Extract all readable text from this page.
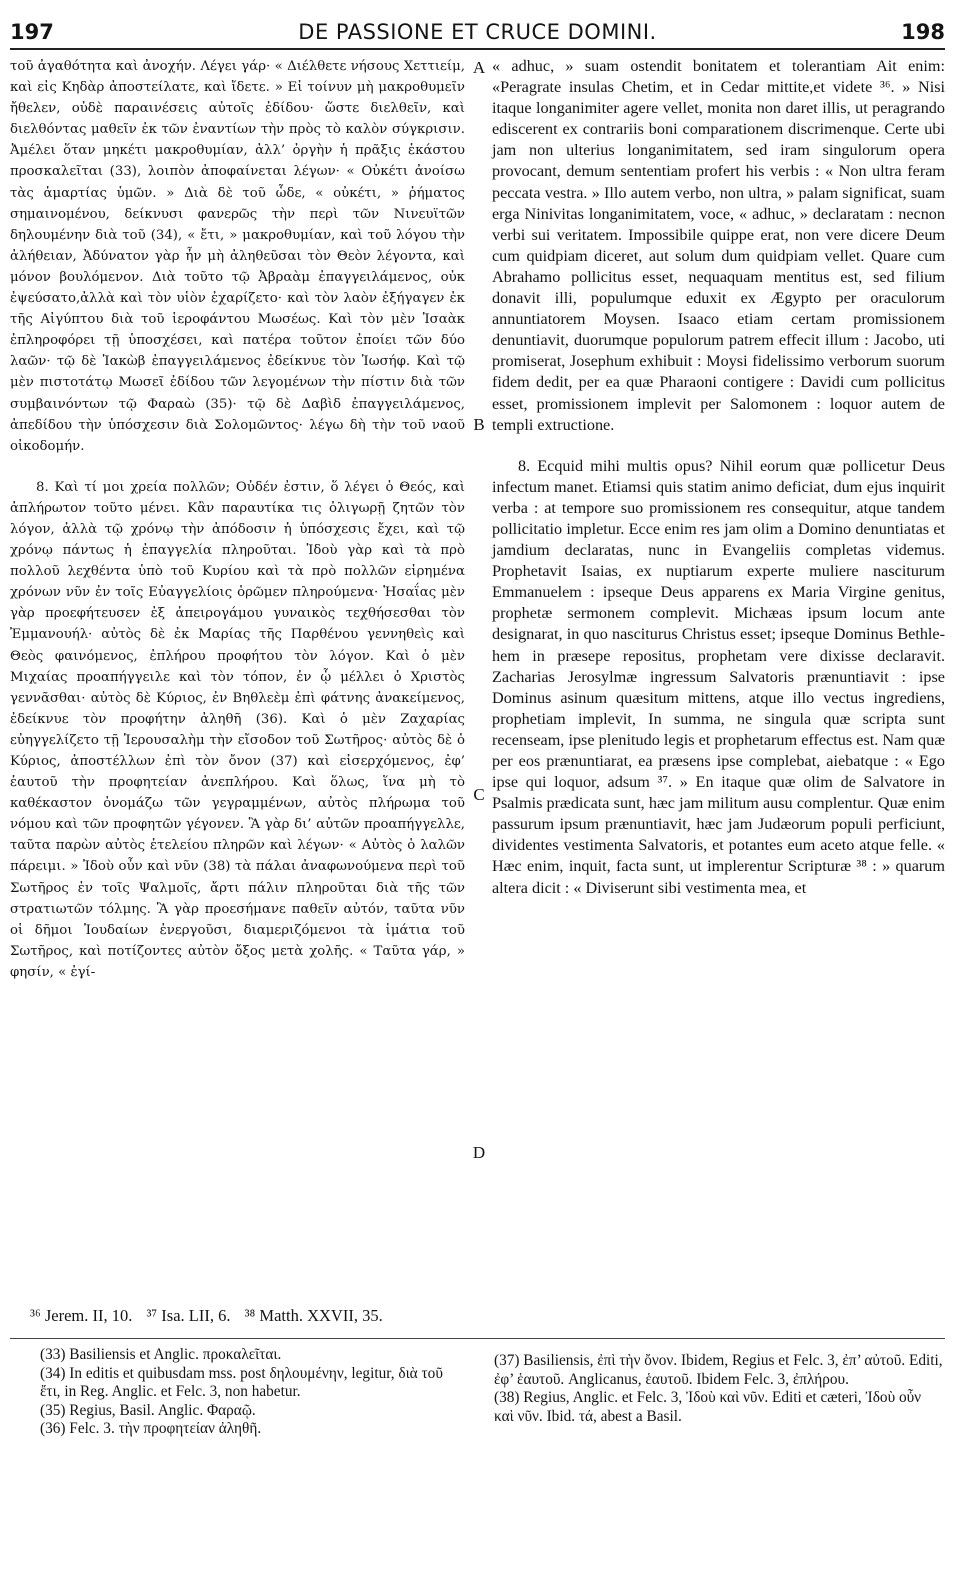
197	DE PASSIONE ET CRUCE DOMINI.	198

τοῦ ἀγαθότητα καὶ ἀνοχήν. Λέγει γάρ· « Διέλθετε νήσους Χεττιείμ, καὶ εἰς Κηδὰρ ἀποστείλατε, καὶ ἴδετε. » Εἰ τοίνυν μὴ μακροθυμεῖν ἤθελεν, οὐδὲ παραινέσεις αὐτοῖς ἐδίδου· ὥστε διελθεῖν, καὶ διελθόντας μαθεῖν ἐκ τῶν ἐναντίων τὴν πρὸς τὸ καλὸν σύγκρισιν. Ἀμέλει ὅταν μηκέτι μακροθυμίαν, ἀλλ’ ὀργὴν ἡ πρᾶξις ἑκάστου προσκαλεῖται (33), λοιπὸν ἀποφαίνεται λέγων· « Οὐκέτι ἀνοίσω τὰς ἁμαρτίας ὑμῶν. » Διὰ δὲ τοῦ ὧδε, « οὐκέτι, » ῥήματος σημαινομένου, δείκνυσι φανερῶς τὴν περὶ τῶν Νινευϊτῶν δηλουμένην διὰ τοῦ (34), « ἔτι, » μακροθυμίαν, καὶ τοῦ λόγου τὴν ἀλήθειαν, Ἀδύνατον γὰρ ἦν μὴ ἀληθεῦσαι τὸν Θεὸν λέγοντα, καὶ μόνον βουλόμενον. Διὰ τοῦτο τῷ Ἀβραὰμ ἐπαγγειλάμενος, οὐκ ἐψεύσατο,ἀλλὰ καὶ τὸν υἱὸν ἐχαρίζετο· καὶ τὸν λαὸν ἐξήγαγεν ἐκ τῆς Αἰγύπτου διὰ τοῦ ἱεροφάντου Μωσέως. Καὶ τὸν μὲν Ἰσαὰκ ἐπληροφόρει τῇ ὑποσχέσει, καὶ πατέρα τοῦτον ἐποίει τῶν δύο λαῶν· τῷ δὲ Ἰακὼβ ἐπαγγειλάμενος ἐδείκνυε τὸν Ἰωσήφ. Καὶ τῷ μὲν πιστοτάτῳ Μωσεῖ ἐδίδου τῶν λεγομένων τὴν πίστιν διὰ τῶν συμβαινόντων τῷ Φαραὼ (35)· τῷ δὲ Δαβὶδ ἐπαγγειλάμενος, ἀπεδίδου τὴν ὑπόσχεσιν διὰ Σολομῶντος· λέγω δὴ τὴν τοῦ ναοῦ οἰκοδομήν.

8. Καὶ τί μοι χρεία πολλῶν; Οὐδέν ἐστιν, ὅ λέγει ὁ Θεός, καὶ ἀπλήρωτον τοῦτο μένει. Κἂν παραυτίκα τις ὀλιγωρῇ ζητῶν τὸν λόγον, ἀλλὰ τῷ χρόνῳ τὴν ἀπόδοσιν ἡ ὑπόσχεσις ἔχει, καὶ τῷ χρόνῳ πάντως ἡ ἐπαγγελία πληροῦται. Ἰδοὺ γὰρ καὶ τὰ πρὸ πολλοῦ λεχθέντα ὑπὸ τοῦ Κυρίου καὶ τὰ πρὸ πολλῶν εἰρημένα χρόνων νῦν ἐν τοῖς Εὐαγγελίοις ὁρῶμεν πληρούμενα· Ἡσαΐας μὲν γὰρ προεφήτευσεν ἐξ ἀπειρογάμου γυναικὸς τεχθήσεσθαι τὸν Ἐμμανουήλ· αὐτὸς δὲ ἐκ Μαρίας τῆς Παρθένου γεννηθεὶς καὶ Θεὸς φαινόμενος, ἐπλήρου προφήτου τὸν λόγον. Καὶ ὁ μὲν Μιχαίας προαπήγγειλε καὶ τὸν τόπον, ἐν ᾧ μέλλει ὁ Χριστὸς γεννᾶσθαι· αὐτὸς δὲ Κύριος, ἐν Βηθλεὲμ ἐπὶ φάτνης ἀνακείμενος, ἐδείκνυε τὸν προφήτην ἀληθῆ (36). Καὶ ὁ μὲν Ζαχαρίας εὐηγγελίζετο τῇ Ἱερουσαλὴμ τὴν εἴσοδον τοῦ Σωτῆρος· αὐτὸς δὲ ὁ Κύριος, ἀποστέλλων ἐπὶ τὸν ὄνον (37) καὶ εἰσερχόμενος, ἐφ’ ἑαυτοῦ τὴν προφητείαν ἀνεπλήρου. Καὶ ὅλως, ἵνα μὴ τὸ καθέκαστον ὀνομάζω τῶν γεγραμμένων, αὐτὸς πλήρωμα τοῦ νόμου καὶ τῶν προφητῶν γέγονεν. Ἃ γὰρ δι’ αὐτῶν προαπήγγελλε, ταῦτα παρὼν αὐτὸς ἐτελείου πληρῶν καὶ λέγων· « Αὐτὸς ὁ λαλῶν πάρειμι. » Ἰδοὺ οὖν καὶ νῦν (38) τὰ πάλαι ἀναφωνούμενα περὶ τοῦ Σωτῆρος ἐν τοῖς Ψαλμοῖς, ἄρτι πάλιν πληροῦται διὰ τῆς τῶν στρατιωτῶν τόλμης. Ἃ γὰρ προεσήμανε παθεῖν αὐτόν, ταῦτα νῦν οἱ δῆμοι Ἰουδαίων ἐνεργοῦσι, διαμεριζόμενοι τὰ ἱμάτια τοῦ Σωτῆρος, καὶ ποτίζοντες αὐτὸν ὄξος μετὰ χολῆς. « Ταῦτα γάρ, » φησίν, « ἐγί-

A
B
C
D

« adhuc, » suam ostendit bonitatem et tolerantiam Ait enim: «Peragrate insulas Chetim, et in Cedar mittite,et videte ³⁶. » Nisi itaque longanimiter agere vellet, monita non daret illis, ut peragrando ediscerent ex contrariis boni comparationem discrimenque. Certe ubi jam non ulterius longanimitatem, sed iram singulorum opera provocant, demum sententiam profert his verbis : « Non ultra feram peccata vestra. » Illo autem verbo, non ultra, » palam significat, suam erga Ninivitas longanimitatem, voce, « adhuc, » declaratam : necnon verbi sui veritatem. Impossibile quippe erat, non vere dicere Deum cum quidpiam diceret, aut solum dum quidpiam vellet. Quare cum Abrahamo pollicitus esset, nequaquam mentitus est, sed filium donavit illi, populumque eduxit ex Ægypto per oraculorum annuntiatorem Moysen. Isaaco etiam certam promissionem denuntiavit, duorumque populorum patrem effecit illum : Jacobo, uti promiserat, Josephum exhibuit : Moysi fidelissimo verborum suorum fidem dedit, per ea quæ Pharaoni contigere : Davidi cum pollicitus esset, promissionem implevit per Salomonem : loquor autem de templi extructione.

8. Ecquid mihi multis opus? Nihil eorum quæ pollicetur Deus infectum manet. Etiamsi quis statim animo deficiat, dum ejus inquirit verba : at tempore suo promissionem res consequitur, atque tandem pollicitatio impletur. Ecce enim res jam olim a Domino denuntiatas et jamdium declaratas, nunc in Evangeliis completas videmus. Prophetavit Isaias, ex nuptiarum experte muliere nasciturum Emmanuelem : ipseque Deus apparens ex Maria Virgine genitus, prophetæ sermonem complevit. Michæas ipsum locum ante designarat, in quo nasciturus Christus esset; ipseque Dominus Bethlehem in præsepe repositus, prophetam vere dixisse declaravit. Zacharias Jerosylmæ ingressum Salvatoris prænuntiavit : ipse Dominus asinum quæsitum mittens, atque illo vectus ingrediens, prophetiam implevit, In summa, ne singula quæ scripta sunt recenseam, ipse plenitudo legis et prophetarum effectus est. Nam quæ per eos prænuntiarat, ea præsens ipse complebat, aiebatque : « Ego ipse qui loquor, adsum ³⁷. » En itaque quæ olim de Salvatore in Psalmis prædicata sunt, hæc jam militum ausu complentur. Quæ enim passurum ipsum prænuntiavit, hæc jam Judæorum populi perficiunt, dividentes vestimenta Salvatoris, et potantes eum aceto atque felle. « Hæc enim, inquit, facta sunt, ut implerentur Scripturæ ³⁸ : » quarum altera dicit : « Diviserunt sibi vestimenta mea, et

³⁶ Jerem. II, 10. ³⁷ Isa. LII, 6. ³⁸ Matth. XXVII, 35.

(33) Basiliensis et Anglic. προκαλεῖται.

(34) In editis et quibusdam mss. post δηλουμένην, legitur, διὰ τοῦ ἔτι, in Reg. Anglic. et Felc. 3, non habetur.

(35) Regius, Basil. Anglic. Φαραῷ.

(36) Felc. 3. τὴν προφητείαν ἀληθῆ.

(37) Basiliensis, ἐπὶ τὴν ὄνον. Ibidem, Regius et Felc. 3, ἐπ’ αὐτοῦ. Editi, ἐφ’ ἑαυτοῦ. Anglicanus, ἑαυτοῦ. Ibidem Felc. 3, ἐπλήρου.

(38) Regius, Anglic. et Felc. 3, Ἰδοὺ καὶ νῦν. Editi et cæteri, Ἰδοὺ οὖν καὶ νῦν. Ibid. τά, abest a Basil.
